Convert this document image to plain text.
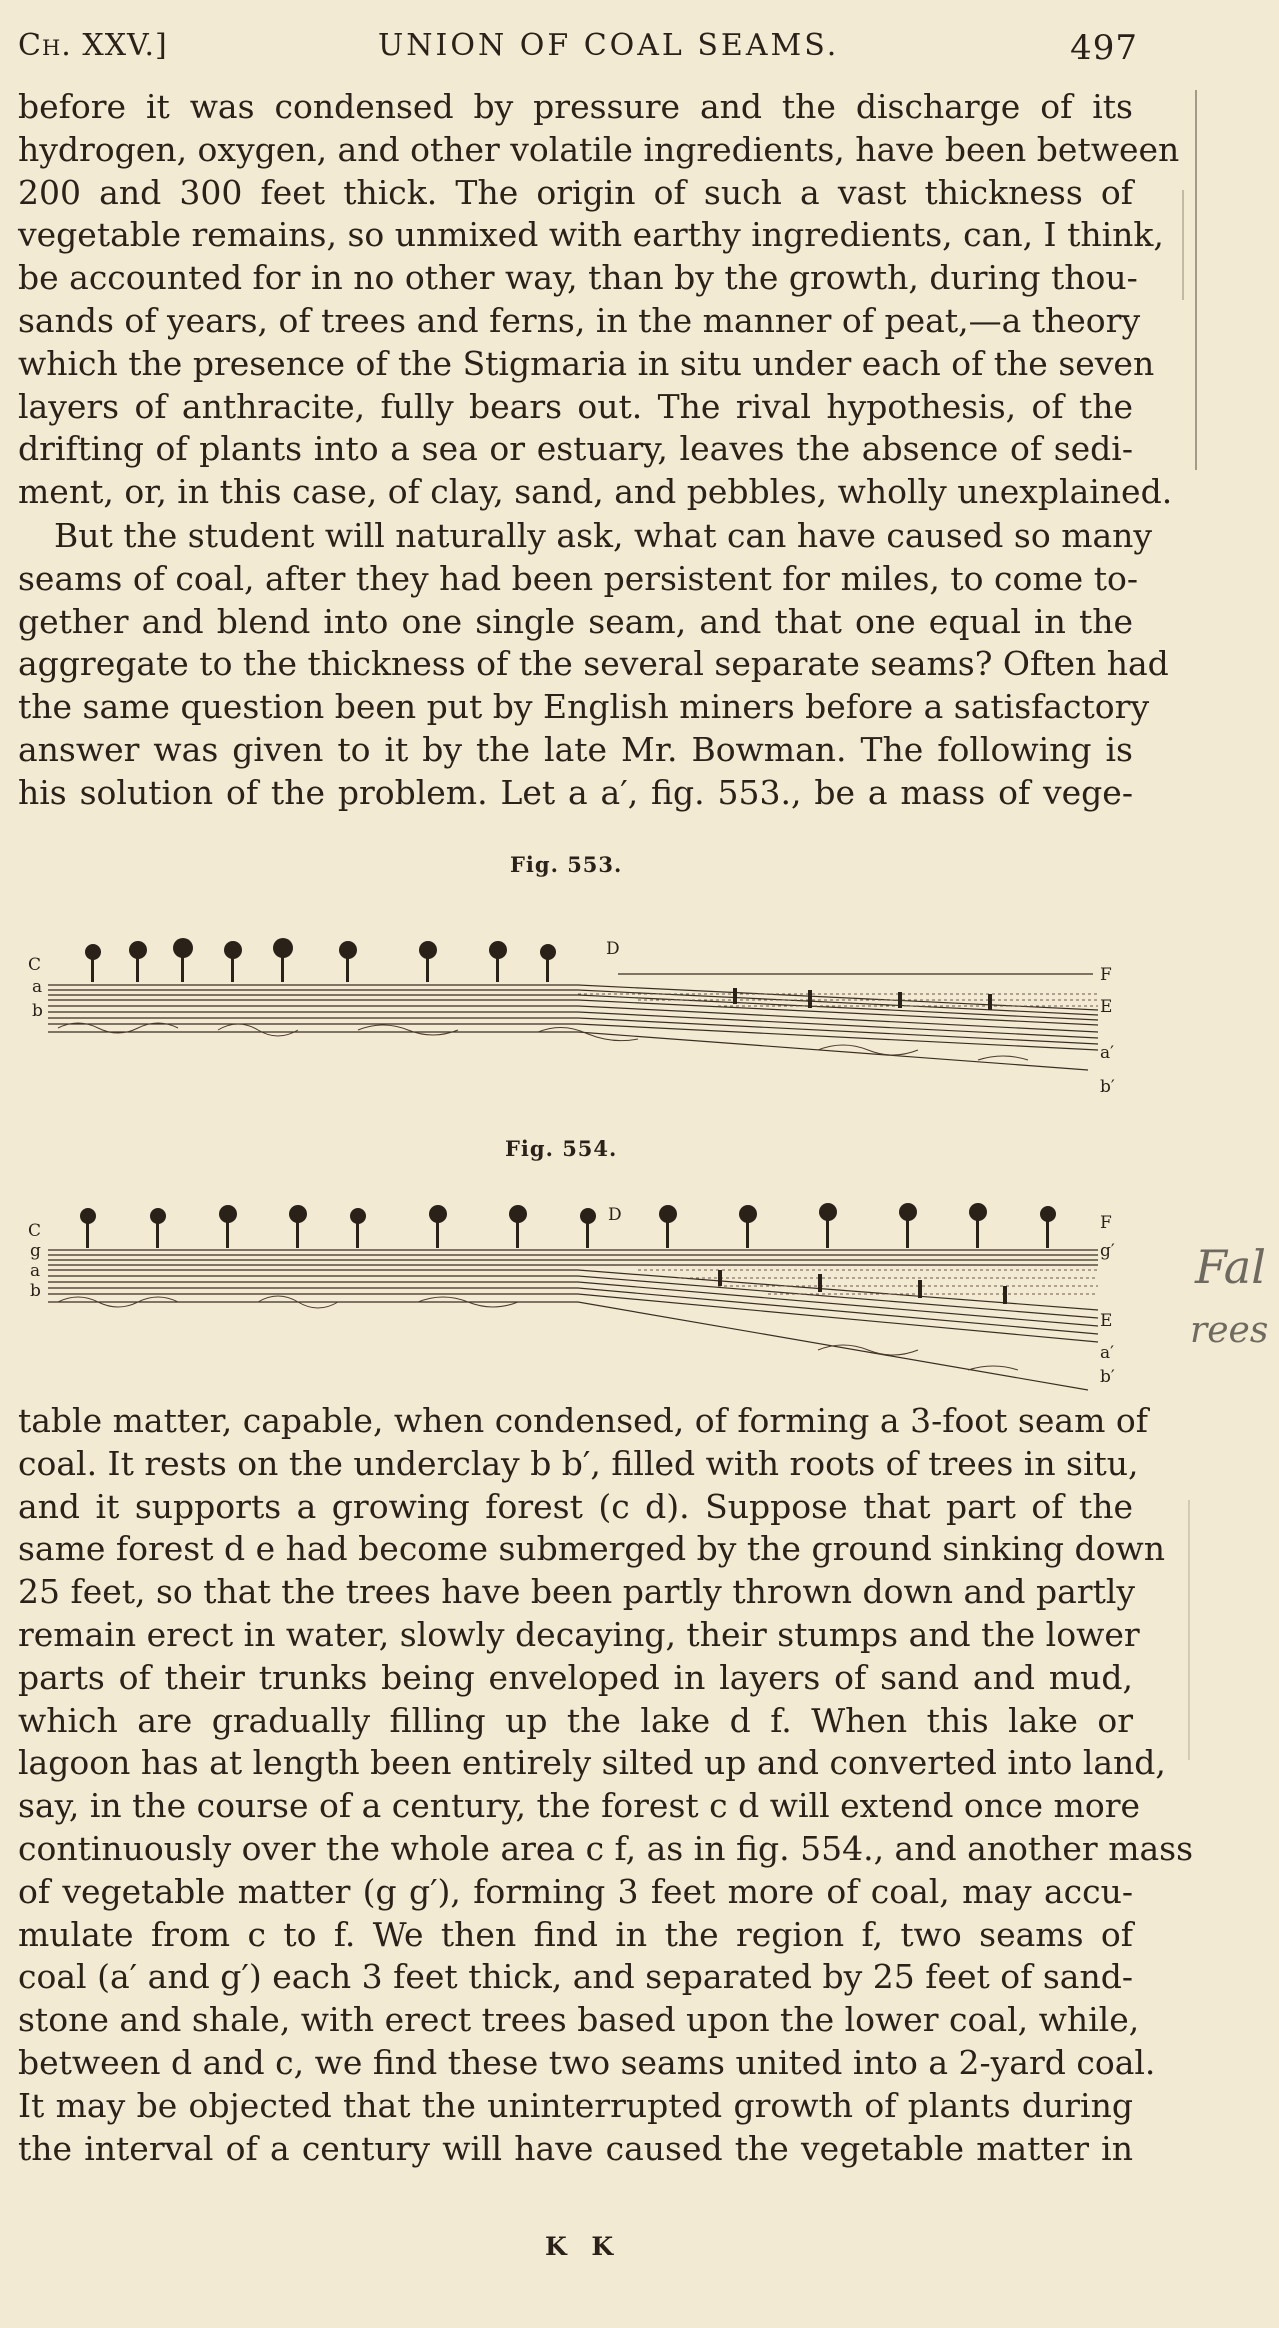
Ch. XXV.]	UNION OF COAL SEAMS.	497
before it was condensed by pressure and the discharge of its
hydrogen, oxygen, and other volatile ingredients, have been between
200 and 300 feet thick. The origin of such a vast thickness of
vegetable remains, so unmixed with earthy ingredients, can, I think,
be accounted for in no other way, than by the growth, during thou-
sands of years, of trees and ferns, in the manner of peat,—a theory
which the presence of the Stigmaria in situ under each of the seven
layers of anthracite, fully bears out. The rival hypothesis, of the
drifting of plants into a sea or estuary, leaves the absence of sedi-
ment, or, in this case, of clay, sand, and pebbles, wholly unexplained.
But the student will naturally ask, what can have caused so many
seams of coal, after they had been persistent for miles, to come to-
gether and blend into one single seam, and that one equal in the
aggregate to the thickness of the several separate seams? Often had
the same question been put by English miners before a satisfactory
answer was given to it by the late Mr. Bowman. The following is
his solution of the problem. Let a a′, fig. 553., be a mass of vege-
Fig. 553.
C
a
b
D
F
E
a′
b′
Fig. 554.
C
g
a
b
D	F
g′
E
a′
b′
table matter, capable, when condensed, of forming a 3-foot seam of
coal. It rests on the underclay b b′, filled with roots of trees in situ,
and it supports a growing forest (c d). Suppose that part of the
same forest d e had become submerged by the ground sinking down
25 feet, so that the trees have been partly thrown down and partly
remain erect in water, slowly decaying, their stumps and the lower
parts of their trunks being enveloped in layers of sand and mud,
which are gradually filling up the lake d f. When this lake or
lagoon has at length been entirely silted up and converted into land,
say, in the course of a century, the forest c d will extend once more
continuously over the whole area c f, as in fig. 554., and another mass
of vegetable matter (g g′), forming 3 feet more of coal, may accu-
mulate from c to f. We then find in the region f, two seams of
coal (a′ and g′) each 3 feet thick, and separated by 25 feet of sand-
stone and shale, with erect trees based upon the lower coal, while,
between d and c, we find these two seams united into a 2-yard coal.
It may be objected that the uninterrupted growth of plants during
the interval of a century will have caused the vegetable matter in
K K
Fal
rees
